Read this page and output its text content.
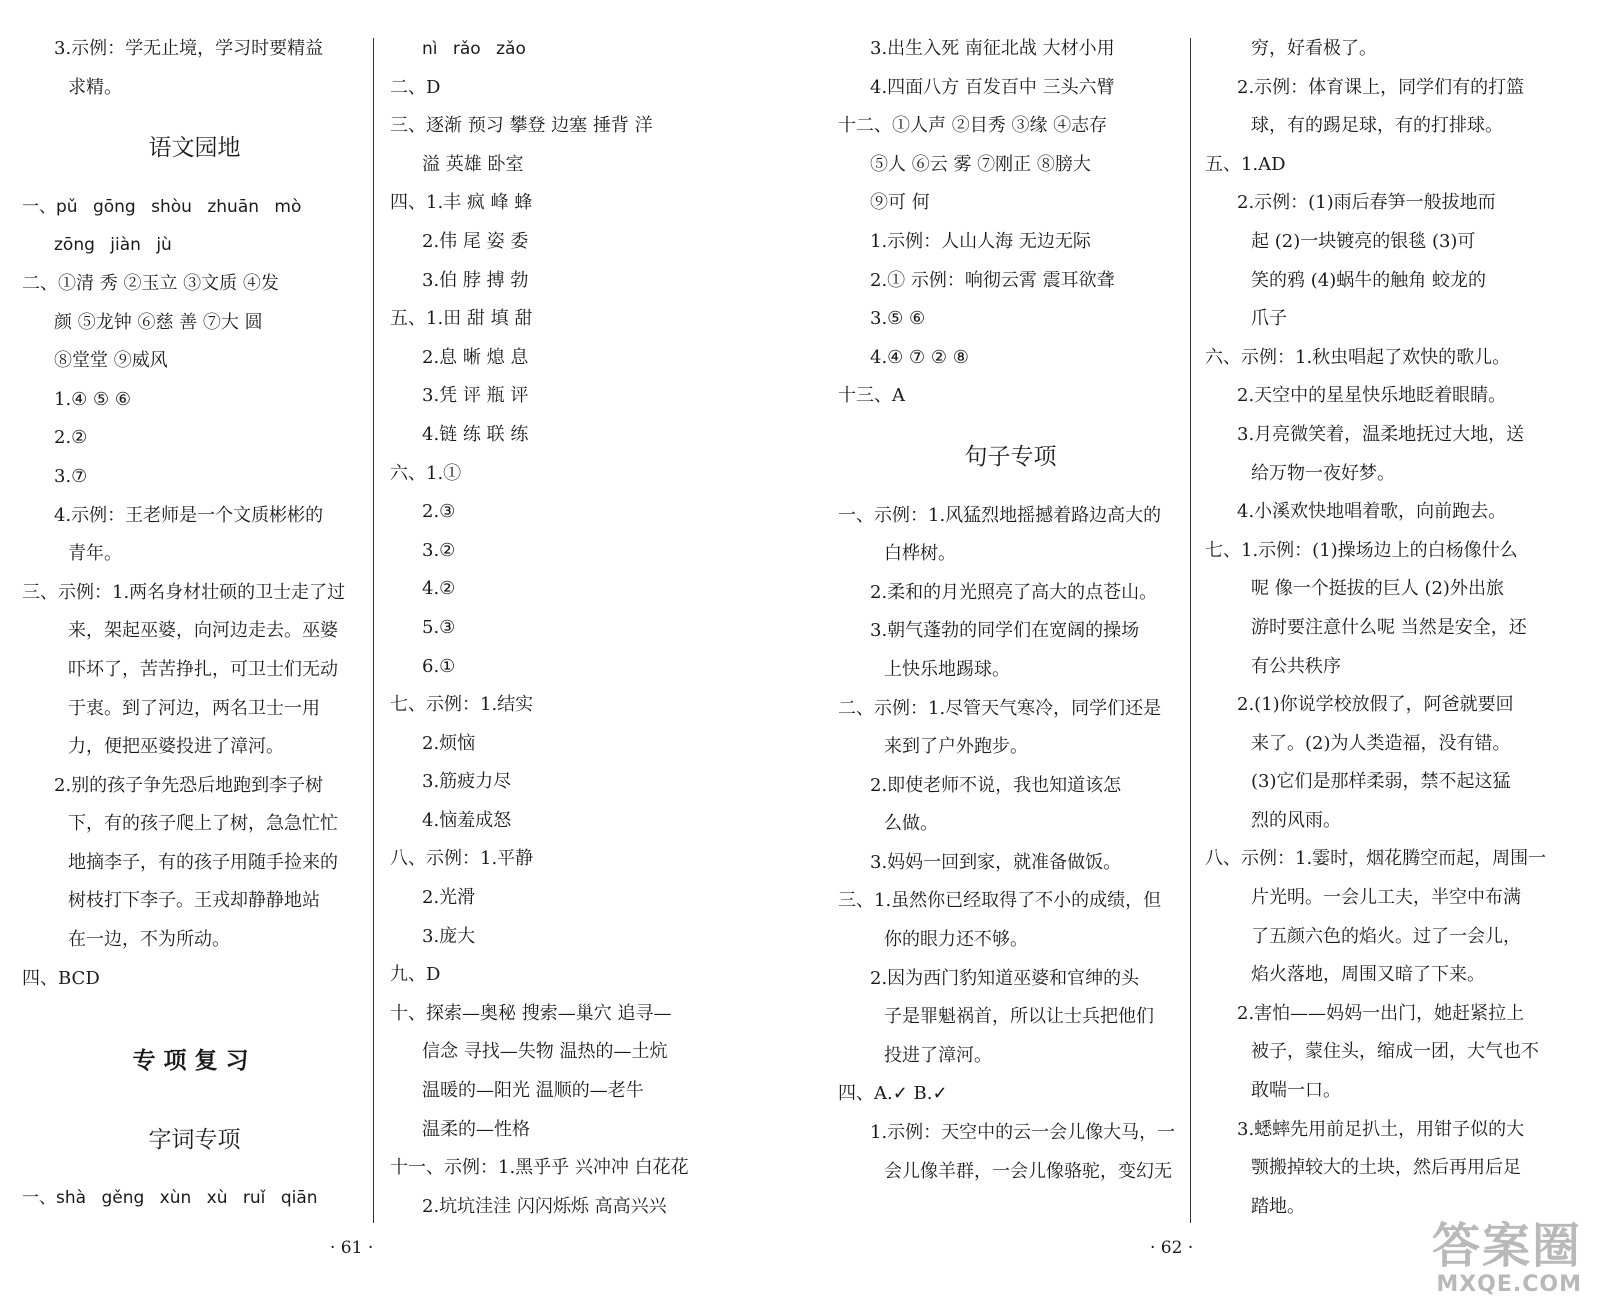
3.示例：学无止境，学习时要精益
求精。
语文园地
一、pǔ gōng shòu zhuān mò
zōng jiàn jù
二、①清 秀 ②玉立 ③文质 ④发
颜 ⑤龙钟 ⑥慈 善 ⑦大 圆
⑧堂堂 ⑨威风
1.④ ⑤ ⑥
2.②
3.⑦
4.示例：王老师是一个文质彬彬的
青年。
三、示例：1.两名身材壮硕的卫士走了过
来，架起巫婆，向河边走去。巫婆
吓坏了，苦苦挣扎，可卫士们无动
于衷。到了河边，两名卫士一用
力，便把巫婆投进了漳河。
2.别的孩子争先恐后地跑到李子树
下，有的孩子爬上了树，急急忙忙
地摘李子，有的孩子用随手捡来的
树枝打下李子。王戎却静静地站
在一边，不为所动。
四、BCD
专项复习
字词专项
一、shà gěng xùn xù ruǐ qiān
nì rǎo zǎo
二、D
三、逐渐 预习 攀登 边塞 捶背 洋
溢 英雄 卧室
四、1.丰 疯 峰 蜂
2.伟 尾 姿 委
3.伯 脖 搏 勃
五、1.田 甜 填 甜
2.息 晰 熄 息
3.凭 评 瓶 评
4.链 练 联 练
六、1.①
2.③
3.②
4.②
5.③
6.①
七、示例：1.结实
2.烦恼
3.筋疲力尽
4.恼羞成怒
八、示例：1.平静
2.光滑
3.庞大
九、D
十、探索—奥秘 搜索—巢穴 追寻—
信念 寻找—失物 温热的—土炕
温暖的—阳光 温顺的—老牛
温柔的—性格
十一、示例：1.黑乎乎 兴冲冲 白花花
2.坑坑洼洼 闪闪烁烁 高高兴兴
3.出生入死 南征北战 大材小用
4.四面八方 百发百中 三头六臂
十二、①人声 ②目秀 ③缘 ④志存
⑤人 ⑥云 雾 ⑦刚正 ⑧膀大
⑨可 何
1.示例：人山人海 无边无际
2.① 示例：响彻云霄 震耳欲聋
3.⑤ ⑥
4.④ ⑦ ② ⑧
十三、A
句子专项
一、示例：1.风猛烈地摇撼着路边高大的
白桦树。
2.柔和的月光照亮了高大的点苍山。
3.朝气蓬勃的同学们在宽阔的操场
上快乐地踢球。
二、示例：1.尽管天气寒冷，同学们还是
来到了户外跑步。
2.即使老师不说，我也知道该怎
么做。
3.妈妈一回到家，就准备做饭。
三、1.虽然你已经取得了不小的成绩，但
你的眼力还不够。
2.因为西门豹知道巫婆和官绅的头
子是罪魁祸首，所以让士兵把他们
投进了漳河。
四、A.✓ B.✓
1.示例：天空中的云一会儿像大马，一
会儿像羊群，一会儿像骆驼，变幻无
穷，好看极了。
2.示例：体育课上，同学们有的打篮
球，有的踢足球，有的打排球。
五、1.AD
2.示例：(1)雨后春笋一般拔地而
起 (2)一块镀亮的银毯 (3)可
笑的鸦 (4)蜗牛的触角 蛟龙的
爪子
六、示例：1.秋虫唱起了欢快的歌儿。
2.天空中的星星快乐地眨着眼睛。
3.月亮微笑着，温柔地抚过大地，送
给万物一夜好梦。
4.小溪欢快地唱着歌，向前跑去。
七、1.示例：(1)操场边上的白杨像什么
呢 像一个挺拔的巨人 (2)外出旅
游时要注意什么呢 当然是安全，还
有公共秩序
2.(1)你说学校放假了，阿爸就要回
来了。(2)为人类造福，没有错。
(3)它们是那样柔弱，禁不起这猛
烈的风雨。
八、示例：1.霎时，烟花腾空而起，周围一
片光明。一会儿工夫，半空中布满
了五颜六色的焰火。过了一会儿，
焰火落地，周围又暗了下来。
2.害怕——妈妈一出门，她赶紧拉上
被子，蒙住头，缩成一团，大气也不
敢喘一口。
3.蟋蟀先用前足扒土，用钳子似的大
颚搬掉较大的土块，然后再用后足
踏地。
· 61 ·	· 62 ·	答案圈
MXQE.COM
